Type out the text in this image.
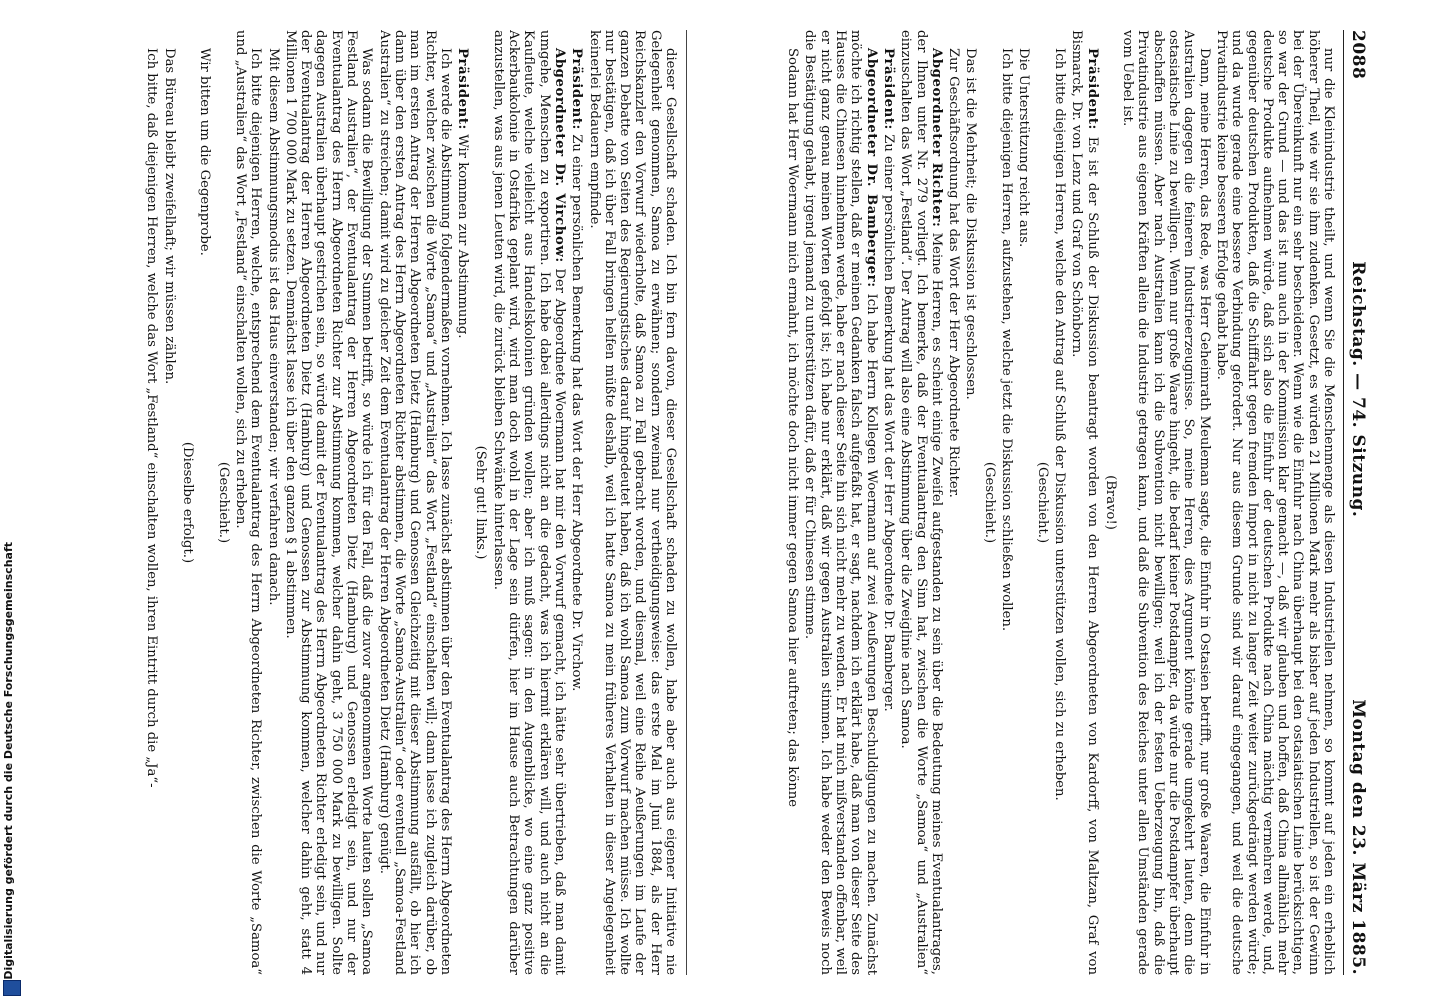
2088
Reichstag. — 74. Sitzung.
Montag den 23. März 1885.

nur die Kleinindustrie theilt, und wenn Sie die Menschenmenge als diesen Industriellen nehmen, so kommt auf jeden ein erheblich höherer Theil, wie wir sie ihm zudenken. Gesetzt, es würden 21 Millionen Mark mehr als bisher auf jeden Industriellen, so ist der Gewinn bei der Übereinkunft nur ein sehr bescheidener. Wenn wie die Einfuhr nach China überhaupt bei den ostasiatischen Linie berücksichtigen, so war der Grund — und das ist nun auch in der Kommission klar gemacht —, daß wir glauben und hoffen, daß China allmählich mehr deutsche Produkte aufnehmen würde, daß sich also die Einfuhr der deutschen Produkte nach China mächtig vermehren werde, und, gegenüber deutschen Produkten, daß die Schifffahrt gegen fremden Import in nicht zu langer Zeit weiter zurückgedrängt werden würde; und da wurde gerade eine bessere Verbindung gefordert. Nur aus diesem Grunde sind wir darauf eingegangen, und weil die deutsche Privatindustrie keine besseren Erfolge gehabt habe.

Dann, meine Herren, das Rede, was Herr Geheimrath Meuleman sagte, die Einfuhr in Ostasien betrifft, nur große Waaren, die Einfuhr in Australien dagegen die feineren Industrieerzeugnisse. So, meine Herren, dies Argument könnte gerade umgekehrt lauten, denn die ostasiatische Linie zu bewilligen. Wenn nur große Waare hingeht, die bedarf keiner Postdampfer, da würde nur die Postdampfer überhaupt abschaffen müssen. Aber nach Australien kann ich die Subvention nicht bewilligen; weil ich der festen Ueberzeugung bin, daß die Privatindustrie aus eigenen Kräften allein die Industrie getragen kann, und daß die Subvention des Reiches unter allen Umständen gerade vom Uebel ist.

(Bravo!)

Präsident: Es ist der Schluß der Diskussion beantragt worden von den Herren Abgeordneten von Kardorff, von Maltzan, Graf von Bismarck, Dr. von Lenz und Graf von Schönborn.

Ich bitte diejenigen Herren, welche den Antrag auf Schluß der Diskussion unterstützen wollen, sich zu erheben.

(Geschieht.)

Die Unterstützung reicht aus.

Ich bitte diejenigen Herren, aufzustehen, welche jetzt die Diskussion schließen wollen.

(Geschieht.)

Das ist die Mehrheit; die Diskussion ist geschlossen.

Zur Geschäftsordnung hat das Wort der Herr Abgeordnete Richter.

Abgeordneter Richter: Meine Herren, es scheint einige Zweifel aufgestanden zu sein über die Bedeutung meines Eventualantrages, der Ihnen unter Nr. 279 vorliegt. Ich bemerke, daß der Eventualantrag den Sinn hat, zwischen die Worte „Samoa“ und „Australien“ einzuschalten das Wort „Festland“. Der Antrag will also eine Abstimmung über die Zweiglinie nach Samoa.

Präsident: Zu einer persönlichen Bemerkung hat das Wort der Herr Abgeordnete Dr. Bamberger.

Abgeordneter Dr. Bamberger: Ich habe Herrn Kollegen Woermann auf zwei Aeußerungen Beschuldigungen zu machen. Zunächst möchte ich richtig stellen, daß er meinen Gedanken falsch aufgefaßt hat, er sagt, nachdem ich erklärt habe, daß man von dieser Seite des Hauses die Chinesen hinnehmen werde, habe er nach dieser Seite hin sich nicht mehr zu wenden. Er hat mich mißverstanden offenbar, weil er nicht ganz genau meinen Worten gefolgt ist; ich habe nur erklärt, daß wir gegen Australien stimmen. Ich habe weder den Beweis noch die Bestätigung gehabt, irgend jemand zu unterstützen dafür, daß er für Chinesen stimme.

Sodann hat Herr Woermann mich ermahnt, ich möchte doch nicht immer gegen Samoa hier auftreten; das könne

dieser Gesellschaft schaden. Ich bin fern davon, dieser Gesellschaft schaden zu wollen, habe aber auch aus eigener Initiative nie Gelegenheit genommen, Samoa zu erwähnen; sondern zweimal nur vertheidigungsweise: das erste Mal im Juni 1884, als der Herr Reichskanzler den Vorwurf wiederholte, daß Samoa zu Fall gebracht worden, und diesmal, weil eine Reihe Aeußerungen im Laufe der ganzen Debatte von Seiten des Regierungstisches darauf hingedeutet haben, daß ich wohl Samoa zum Vorwurf machen müsse. Ich wollte nur bestätigen, daß ich über Fall bringen helfen müßte deshalb, weil ich hatte Samoa zu mein früheres Verhalten in dieser Angelegenheit keinerlei Bedauern empfinde.

Präsident: Zu einer persönlichen Bemerkung hat das Wort der Herr Abgeordnete Dr. Virchow.

Abgeordneter Dr. Virchow: Der Abgeordnete Woermann hat mir den Vorwurf gemacht, ich hätte sehr übertrieben, daß man damit umgehe, Menschen zu exportiren. Ich habe dabei allerdings nicht an die gedacht, was ich hiermit erklären will, und auch nicht an die Kaufleute, welche vielleicht aus Handelskolonien gründen wollen; aber ich muß sagen: in den Augenblicke, wo eine ganz positive Ackerbaukolonie in Ostafrika geplant wird, wird man doch wohl in der Lage sein dürfen, hier im Hause auch Betrachtungen darüber anzustellen, was aus jenen Leuten wird, die zurück bleiben Schwänke hinterlassen.

(Sehr gut! links.)

Präsident: Wir kommen zur Abstimmung.

Ich werde die Abstimmung folgendermaßen vornehmen. Ich lasse zunächst abstimmen über den Eventualantrag des Herrn Abgeordneten Richter, welcher zwischen die Worte „Samoa“ und „Australien“ das Wort „Festland“ einschalten will; dann lasse ich zugleich darüber, ob man im ersten Antrag der Herren Abgeordneten Dietz (Hamburg) und Genossen Gleichzeitig mit dieser Abstimmung ausfällt, ob hier ich dann über den ersten Antrag des Herrn Abgeordneten Richter abstimmen, die Worte „Samoa-Australien“ oder eventuell „Samoa-Festland Australien“ zu streichen; damit wird zu gleicher Zeit dem Eventualantrag der Herren Abgeordneten Dietz (Hamburg) genügt.

Was sodann die Bewilligung der Summen betrifft, so würde ich für den Fall, daß die zuvor angenommenen Worte lauten sollen „Samoa Festland Australien“, der Eventualantrag der Herren Abgeordneten Dietz (Hamburg) und Genossen erledigt sein, und nur der Eventualantrag des Herrn Abgeordneten Richter zur Abstimmung kommen, welcher dahin geht, 3 750 000 Mark zu bewilligen. Sollte dagegen Australien überhaupt gestrichen sein, so würde damit der Eventualantrag des Herrn Abgeordneten Richter erledigt sein, und nur der Eventualantrag der Herren Abgeordneten Dietz (Hamburg) und Genossen zur Abstimmung kommen, welcher dahin geht, statt 4 Millionen 1 700 000 Mark zu setzen. Demnächst lasse ich über den ganzen § 1 abstimmen.

Mit diesem Abstimmungsmodus ist das Haus einverstanden; wir verfahren danach.

Ich bitte diejenigen Herren, welche, entsprechend dem Eventualantrag des Herrn Abgeordneten Richter, zwischen die Worte „Samoa“ und „Australien“ das Wort „Festland“ einschalten wollen, sich zu erheben.

(Geschieht.)

Wir bitten um die Gegenprobe.

(Dieselbe erfolgt.)

Das Büreau bleibt zweifelhaft; wir müssen zählen.

Ich bitte, daß diejenigen Herren, welche das Wort „Festland“ einschalten wollen, ihren Eintritt durch die „Ja“-

Digitalisierung gefördert durch die Deutsche Forschungsgemeinschaft
